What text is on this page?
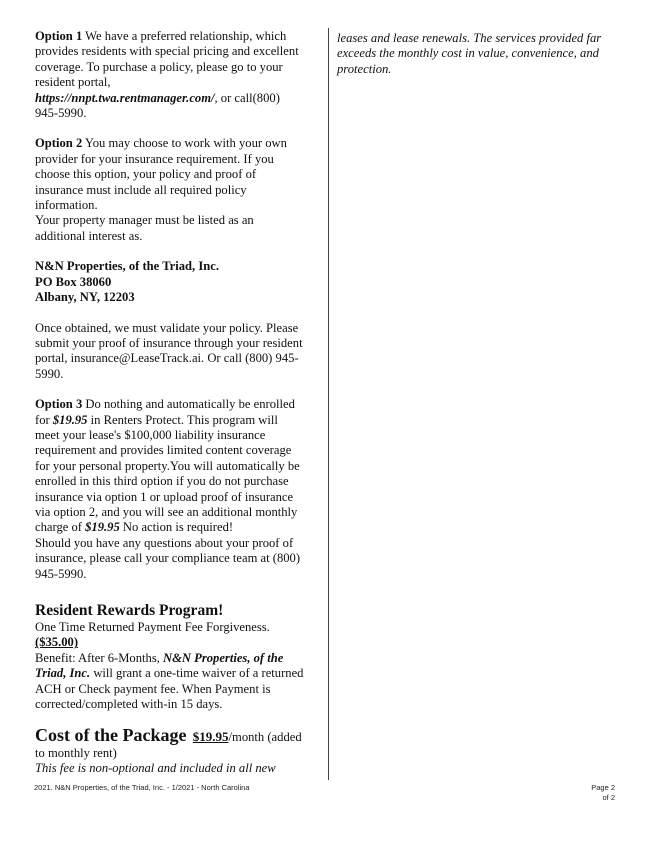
Option 1 We have a preferred relationship, which provides residents with special pricing and excellent coverage. To purchase a policy, please go to your resident portal,
https://nnpt.twa.rentmanager.com/, or call(800) 945-5990.

Option 2 You may choose to work with your own provider for your insurance requirement. If you choose this option, your policy and proof of insurance must include all required policy information.
Your property manager must be listed as an additional interest as.

N&N Properties, of the Triad, Inc.
PO Box 38060
Albany, NY, 12203

Once obtained, we must validate your policy. Please submit your proof of insurance through your resident portal, insurance@LeaseTrack.ai. Or call (800) 945-5990.

Option 3 Do nothing and automatically be enrolled for $19.95 in Renters Protect. This program will meet your lease's $100,000 liability insurance requirement and provides limited content coverage for your personal property.You will automatically be enrolled in this third option if you do not purchase insurance via option 1 or upload proof of insurance via option 2, and you will see an additional monthly charge of $19.95 No action is required!
Should you have any questions about your proof of insurance, please call your compliance team at (800) 945-5990.

Resident Rewards Program!

One Time Returned Payment Fee Forgiveness.

($35.00)

Benefit: After 6-Months, N&N Properties, of the Triad, Inc. will grant a one-time waiver of a returned ACH or Check payment fee. When Payment is corrected/completed with-in 15 days.

Cost of the Package $19.95/month (added to monthly rent)

This fee is non-optional and included in all new

leases and lease renewals. The services provided far exceeds the monthly cost in value, convenience, and protection.

2021. N&N Properties, of the Triad, Inc. - 1/2021 - North Carolina	Page 2
of 2
